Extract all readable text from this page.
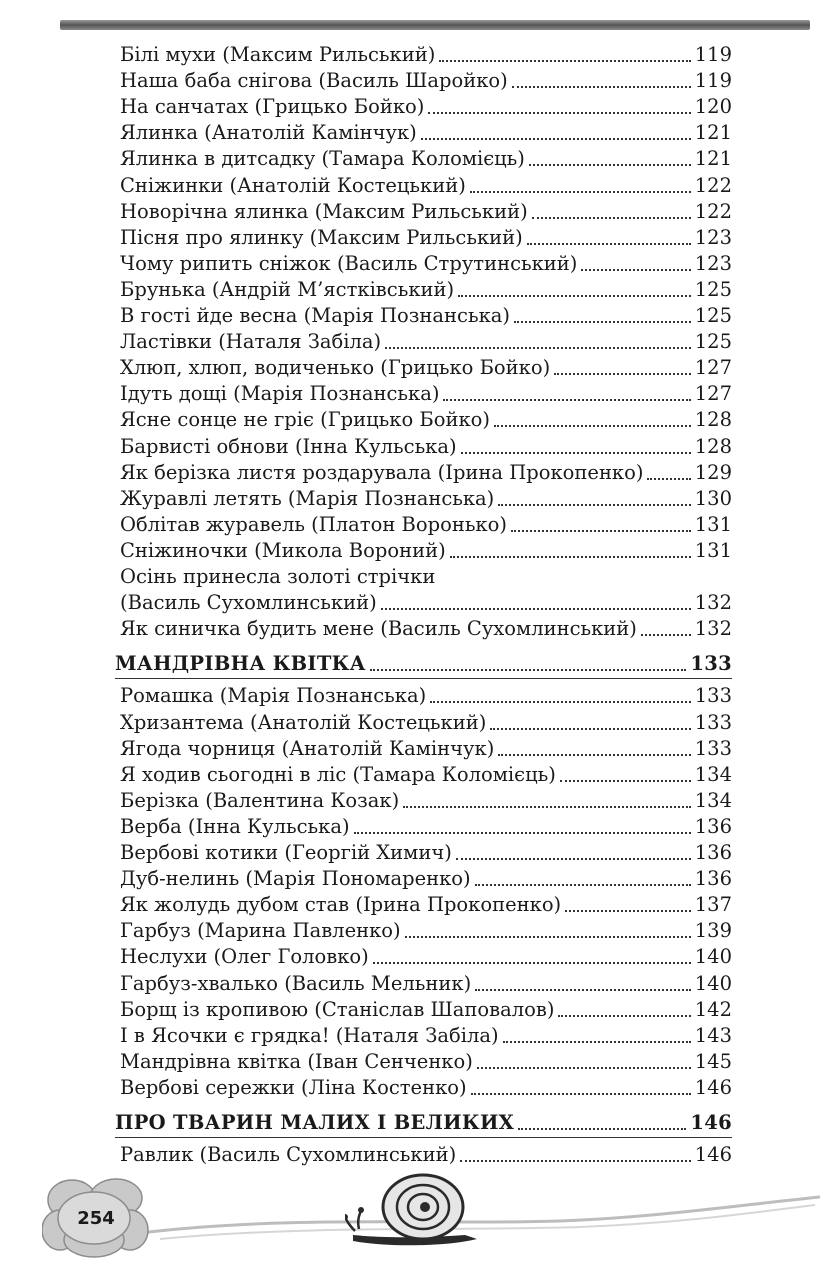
Білі мухи (Максим Рильський)	119
Наша баба снігова (Василь Шаройко)	119
На санчатах (Грицько Бойко)	120
Ялинка (Анатолій Камінчук)	121
Ялинка в дитсадку (Тамара Коломієць)	121
Сніжинки (Анатолій Костецький)	122
Новорічна ялинка (Максим Рильський)	122
Пісня про ялинку (Максим Рильський)	123
Чому рипить сніжок (Василь Струтинський)	123
Брунька (Андрій М’ястківський)	125
В гості йде весна (Марія Познанська)	125
Ластівки (Наталя Забіла)	125
Хлюп, хлюп, водиченько (Грицько Бойко)	127
Ідуть дощі (Марія Познанська)	127
Ясне сонце не гріє (Грицько Бойко)	128
Барвисті обнови (Інна Кульська)	128
Як берізка листя роздарувала (Ірина Прокопенко)	129
Журавлі летять (Марія Познанська)	130
Облітав журавель (Платон Воронько)	131
Сніжиночки (Микола Вороний)	131
Осінь принесла золоті стрічки
(Василь Сухомлинський)	132
Як синичка будить мене (Василь Сухомлинський)	132
МАНДРІВНА КВІТКА	133
Ромашка (Марія Познанська)	133
Хризантема (Анатолій Костецький)	133
Ягода чорниця (Анатолій Камінчук)	133
Я ходив сьогодні в ліс (Тамара Коломієць)	134
Берізка (Валентина Козак)	134
Верба (Інна Кульська)	136
Вербові котики (Георгій Химич)	136
Дуб-нелинь (Марія Пономаренко)	136
Як жолудь дубом став (Ірина Прокопенко)	137
Гарбуз (Марина Павленко)	139
Неслухи (Олег Головко)	140
Гарбуз-хвалько (Василь Мельник)	140
Борщ із кропивою (Станіслав Шаповалов)	142
І в Ясочки є грядка! (Наталя Забіла)	143
Мандрівна квітка (Іван Сенченко)	145
Вербові сережки (Ліна Костенко)	146
ПРО ТВАРИН МАЛИХ І ВЕЛИКИХ	146
Равлик (Василь Сухомлинський)	146
254
